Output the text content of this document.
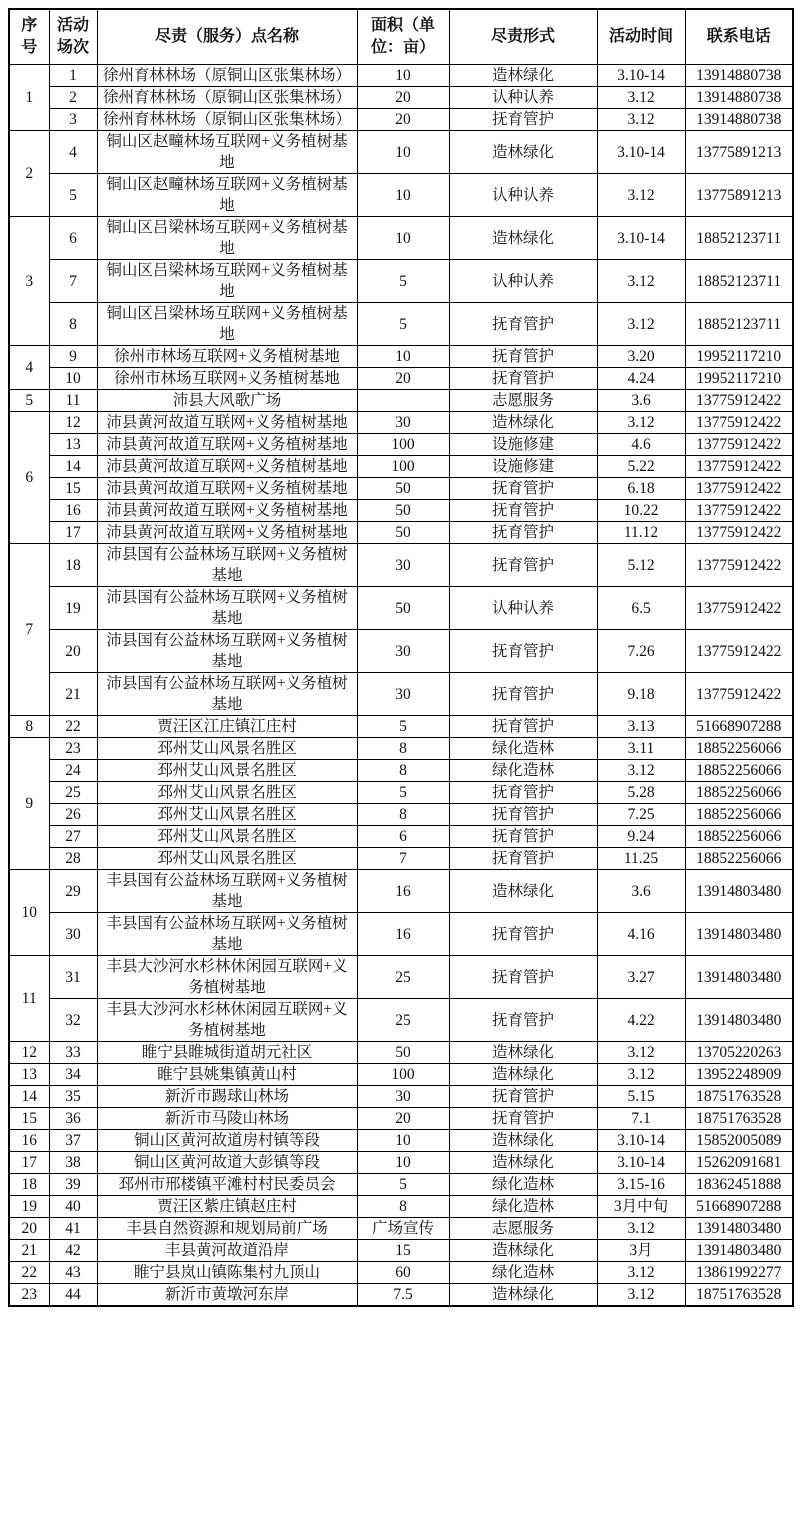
序号	活动场次	尽责（服务）点名称	面积（单位：亩）	尽责形式	活动时间	联系电话
1	1	徐州育林林场（原铜山区张集林场）	10	造林绿化	3.10-14	13914880738
	2	徐州育林林场（原铜山区张集林场）	20	认种认养	3.12	13914880738
	3	徐州育林林场（原铜山区张集林场）	20	抚育管护	3.12	13914880738
2	4	铜山区赵疃林场互联网+义务植树基地	10	造林绿化	3.10-14	13775891213
	5	铜山区赵疃林场互联网+义务植树基地	10	认种认养	3.12	13775891213
3	6	铜山区吕梁林场互联网+义务植树基地	10	造林绿化	3.10-14	18852123711
	7	铜山区吕梁林场互联网+义务植树基地	5	认种认养	3.12	18852123711
	8	铜山区吕梁林场互联网+义务植树基地	5	抚育管护	3.12	18852123711
4	9	徐州市林场互联网+义务植树基地	10	抚育管护	3.20	19952117210
	10	徐州市林场互联网+义务植树基地	20	抚育管护	4.24	19952117210
5	11	沛县大风歌广场		志愿服务	3.6	13775912422
6	12	沛县黄河故道互联网+义务植树基地	30	造林绿化	3.12	13775912422
	13	沛县黄河故道互联网+义务植树基地	100	设施修建	4.6	13775912422
	14	沛县黄河故道互联网+义务植树基地	100	设施修建	5.22	13775912422
	15	沛县黄河故道互联网+义务植树基地	50	抚育管护	6.18	13775912422
	16	沛县黄河故道互联网+义务植树基地	50	抚育管护	10.22	13775912422
	17	沛县黄河故道互联网+义务植树基地	50	抚育管护	11.12	13775912422
7	18	沛县国有公益林场互联网+义务植树基地	30	抚育管护	5.12	13775912422
	19	沛县国有公益林场互联网+义务植树基地	50	认种认养	6.5	13775912422
	20	沛县国有公益林场互联网+义务植树基地	30	抚育管护	7.26	13775912422
	21	沛县国有公益林场互联网+义务植树基地	30	抚育管护	9.18	13775912422
8	22	贾汪区江庄镇江庄村	5	抚育管护	3.13	51668907288
9	23	邳州艾山风景名胜区	8	绿化造林	3.11	18852256066
	24	邳州艾山风景名胜区	8	绿化造林	3.12	18852256066
	25	邳州艾山风景名胜区	5	抚育管护	5.28	18852256066
	26	邳州艾山风景名胜区	8	抚育管护	7.25	18852256066
	27	邳州艾山风景名胜区	6	抚育管护	9.24	18852256066
	28	邳州艾山风景名胜区	7	抚育管护	11.25	18852256066
10	29	丰县国有公益林场互联网+义务植树基地	16	造林绿化	3.6	13914803480
	30	丰县国有公益林场互联网+义务植树基地	16	抚育管护	4.16	13914803480
11	31	丰县大沙河水杉林休闲园互联网+义务植树基地	25	抚育管护	3.27	13914803480
	32	丰县大沙河水杉林休闲园互联网+义务植树基地	25	抚育管护	4.22	13914803480
12	33	睢宁县睢城街道胡元社区	50	造林绿化	3.12	13705220263
13	34	睢宁县姚集镇黄山村	100	造林绿化	3.12	13952248909
14	35	新沂市踢球山林场	30	抚育管护	5.15	18751763528
15	36	新沂市马陵山林场	20	抚育管护	7.1	18751763528
16	37	铜山区黄河故道房村镇等段	10	造林绿化	3.10-14	15852005089
17	38	铜山区黄河故道大彭镇等段	10	造林绿化	3.10-14	15262091681
18	39	邳州市邢楼镇平滩村村民委员会	5	绿化造林	3.15-16	18362451888
19	40	贾汪区紫庄镇赵庄村	8	绿化造林	3月中旬	51668907288
20	41	丰县自然资源和规划局前广场	广场宣传	志愿服务	3.12	13914803480
21	42	丰县黄河故道沿岸	15	造林绿化	3月	13914803480
22	43	睢宁县岚山镇陈集村九顶山	60	绿化造林	3.12	13861992277
23	44	新沂市黄墩河东岸	7.5	造林绿化	3.12	18751763528
